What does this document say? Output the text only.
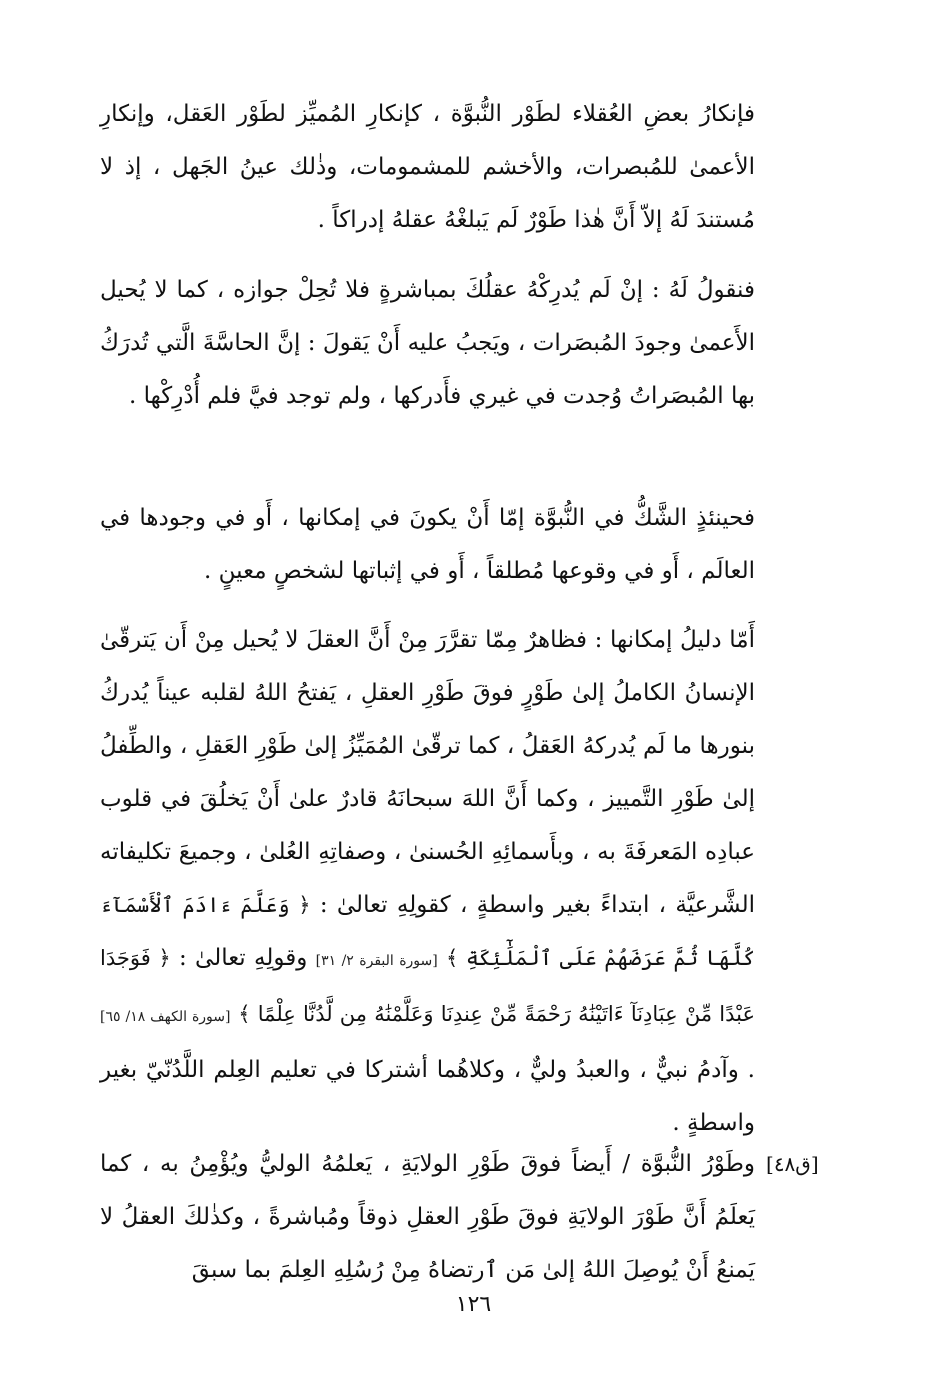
فإنكارُ بعضِ العُقلاء لطَوْر النُّبوَّة ، كإنكارِ المُميِّز لطَوْر العَقل، وإنكارِ الأعمىٰ للمُبصرات، والأخشم للمشمومات، وذٰلك عينُ الجَهل ، إذ لا مُستندَ لَهُ إلاّ أَنَّ هٰذا طَوْرٌ لَم يَبلغْهُ عقلهُ إدراكاً .

فنقولُ لَهُ : إنْ لَم يُدرِكْهُ عقلُكَ بمباشرةٍ فلا تُحِلْ جوازه ، كما لا يُحيل الأَعمىٰ وجودَ المُبصَرات ، ويَجبُ عليه أَنْ يَقولَ : إنَّ الحاسَّةَ الَّتي تُدرَكُ بها المُبصَراتُ وُجدت في غيري فأَدركها ، ولم توجد فيَّ فلم أُدْرِكْها .

فحينئذٍ الشَّكُّ في النُّبوَّة إمّا أَنْ يكونَ في إمكانها ، أَو في وجودها في العالَم ، أَو في وقوعها مُطلقاً ، أَو في إثباتها لشخصٍ معينٍ .

أَمّا دليلُ إمكانها : فظاهرٌ مِمّا تقرَّرَ مِنْ أَنَّ العقلَ لا يُحيل مِنْ أَن يَترقّىٰ الإنسانُ الكاملُ إلىٰ طَوْرٍ فوقَ طَوْرِ العقلِ ، يَفتحُ اللهُ لقلبه عيناً يُدركُ بنورها ما لَم يُدركهُ العَقلُ ، كما ترقّىٰ المُمَيِّزُ إلىٰ طَوْرِ العَقلِ ، والطِّفلُ إلىٰ طَوْرِ التَّمييز ، وكما أَنَّ اللهَ سبحانَهُ قادرٌ علىٰ أَنْ يَخلُقَ في قلوب عبادِه المَعرفَةَ به ، وبأَسمائِهِ الحُسنىٰ ، وصفاتِهِ العُلىٰ ، وجميعَ تكليفاته الشَّرعيَّة ، ابتداءً بغير واسطةٍ ، كقولِهِ تعالىٰ : ﴿ وَعَلَّمَ ءَادَمَ ٱلْأَسْمَآءَ كُلَّهَا ثُمَّ عَرَضَهُمْ عَلَى ٱلْمَلَٰٓئِكَةِ ﴾ [سورة البقرة ٢/ ٣١] وقولِهِ تعالىٰ : ﴿ فَوَجَدَا عَبْدًا مِّنْ عِبَادِنَآ ءَاتَيْنَٰهُ رَحْمَةً مِّنْ عِندِنَا وَعَلَّمْنَٰهُ مِن لَّدُنَّا عِلْمًا ﴾ [سورة الكهف ١٨/ ٦٥] . وآدمُ نبيٌّ ، والعبدُ وليٌّ ، وكلاهُما أشتركا في تعليم العِلم اللَّدُنّيّ بغير واسطةٍ .

[ق٤٨]

وطَوْرُ النُّبوَّة / أَيضاً فوقَ طَوْرِ الولايَةِ ، يَعلمُهُ الوليُّ ويُؤْمِنُ به ، كما يَعلَمُ أَنَّ طَوْرَ الولايَةِ فوقَ طَوْرِ العقلِ ذوقاً ومُباشرةً ، وكذٰلكَ العقلُ لا يَمنعُ أَنْ يُوصِلَ اللهُ إلىٰ مَن ٱرتضاهُ مِنْ رُسُلِهِ العِلمَ بما سبقَ

١٢٦
